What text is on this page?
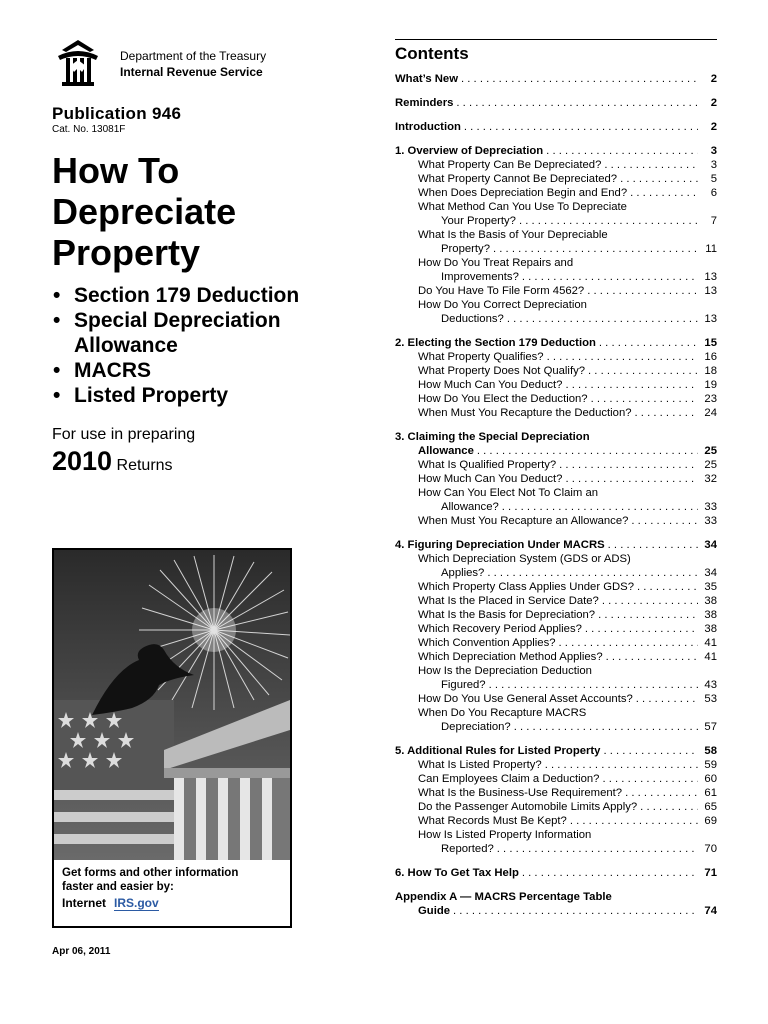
Department of the Treasury
Internal Revenue Service
Publication 946
Cat. No. 13081F
How To
Depreciate
Property
• Section 179 Deduction
• Special Depreciation
Allowance
• MACRS
• Listed Property
For use in preparing
2010 Returns
Get forms and other information faster and easier by:
Internet IRS.gov
Apr 06, 2011
Contents
What’s New . . .	2
Reminders . . .	2
Introduction . . .	2
1. Overview of Depreciation . . .	3
What Property Can Be Depreciated? . . .	3
What Property Cannot Be Depreciated? . . .	5
When Does Depreciation Begin and End? . . .	6
What Method Can You Use To Depreciate
Your Property? . . .	7
What Is the Basis of Your Depreciable
Property? . . .	11
How Do You Treat Repairs and
Improvements? . . .	13
Do You Have To File Form 4562? . . .	13
How Do You Correct Depreciation
Deductions? . . .	13
2. Electing the Section 179 Deduction . . .	15
What Property Qualifies? . . .	16
What Property Does Not Qualify? . . .	18
How Much Can You Deduct? . . .	19
How Do You Elect the Deduction? . . .	23
When Must You Recapture the Deduction? . . .	24
3. Claiming the Special Depreciation
Allowance . . .	25
What Is Qualified Property? . . .	25
How Much Can You Deduct? . . .	32
How Can You Elect Not To Claim an
Allowance? . . .	33
When Must You Recapture an Allowance? . . .	33
4. Figuring Depreciation Under MACRS . . .	34
Which Depreciation System (GDS or ADS)
Applies? . . .	34
Which Property Class Applies Under GDS? . . .	35
What Is the Placed in Service Date? . . .	38
What Is the Basis for Depreciation? . . .	38
Which Recovery Period Applies? . . .	38
Which Convention Applies? . . .	41
Which Depreciation Method Applies? . . .	41
How Is the Depreciation Deduction
Figured? . . .	43
How Do You Use General Asset Accounts? . . .	53
When Do You Recapture MACRS
Depreciation? . . .	57
5. Additional Rules for Listed Property . . .	58
What Is Listed Property? . . .	59
Can Employees Claim a Deduction? . . .	60
What Is the Business-Use Requirement? . . .	61
Do the Passenger Automobile Limits Apply? . . .	65
What Records Must Be Kept? . . .	69
How Is Listed Property Information
Reported? . . .	70
6. How To Get Tax Help . . .	71
Appendix A — MACRS Percentage Table
Guide . . .	74
